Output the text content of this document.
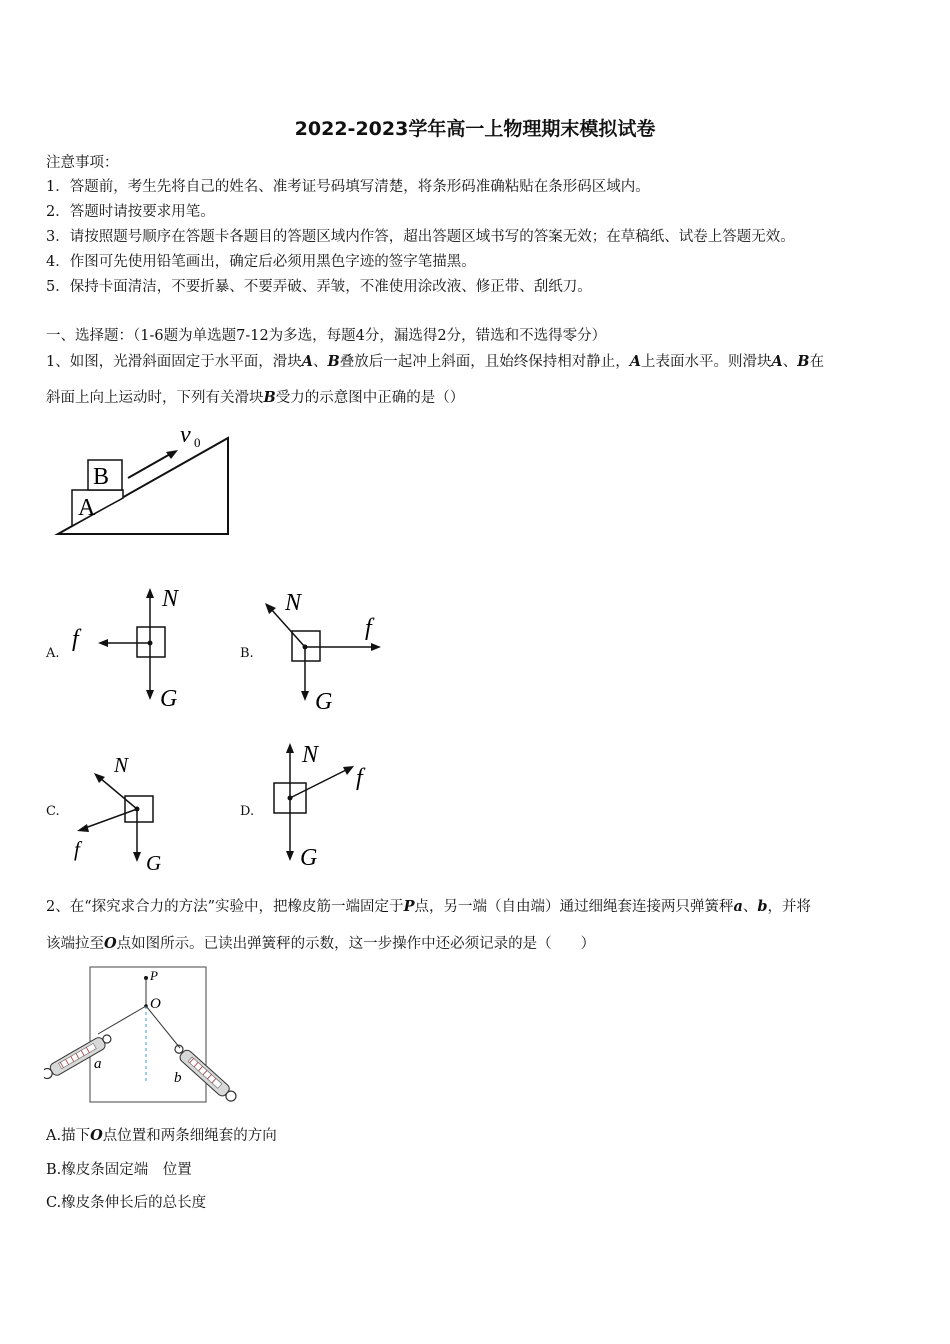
2022-2023学年高一上物理期末模拟试卷
注意事项：
1．答题前，考生先将自己的姓名、准考证号码填写清楚，将条形码准确粘贴在条形码区域内。
2．答题时请按要求用笔。
3．请按照题号顺序在答题卡各题目的答题区域内作答，超出答题区域书写的答案无效；在草稿纸、试卷上答题无效。
4．作图可先使用铅笔画出，确定后必须用黑色字迹的签字笔描黑。
5．保持卡面清洁，不要折暴、不要弄破、弄皱，不准使用涂改液、修正带、刮纸刀。
一、选择题：（1-6题为单选题7-12为多选，每题4分，漏选得2分，错选和不选得零分）
1、如图，光滑斜面固定于水平面，滑块A、B叠放后一起冲上斜面，且始终保持相对静止，A上表面水平。则滑块A、B在
斜面上向上运动时，下列有关滑块B受力的示意图中正确的是（）
A
B
v 0
A.
N
G
f
B.
N
G
f
C.
N
G
f
D.
N
G
f
2、在“探究求合力的方法”实验中，把橡皮筋一端固定于P点，另一端（自由端）通过细绳套连接两只弹簧秤a、b，并将
该端拉至O点如图所示。已读出弹簧秤的示数，这一步操作中还必须记录的是（　　）
P
O
a
b
A.描下O点位置和两条细绳套的方向
B.橡皮条固定端　位置
C.橡皮条伸长后的总长度
